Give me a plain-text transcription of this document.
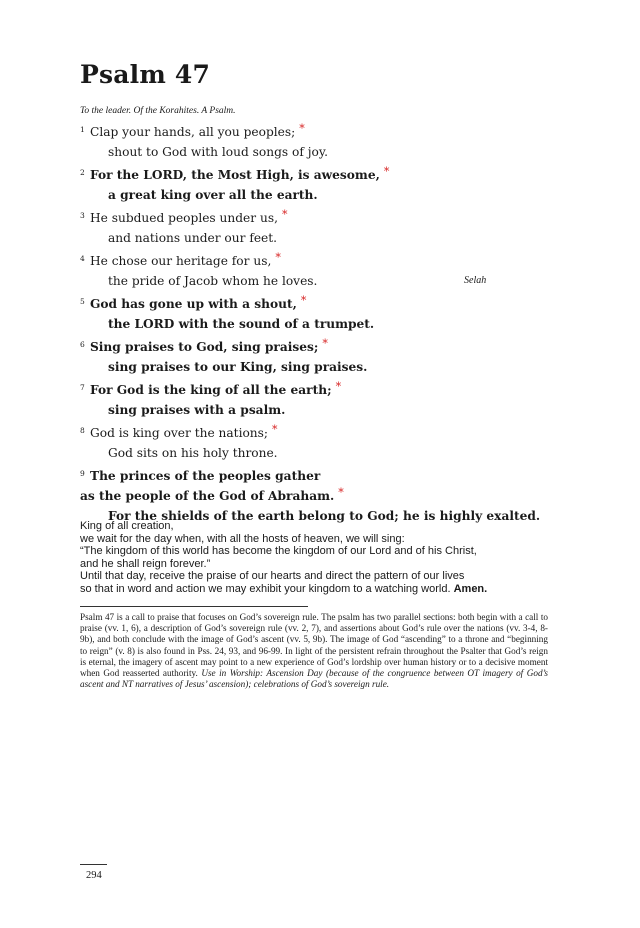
Psalm 47
To the leader. Of the Korahites. A Psalm.
1 Clap your hands, all you peoples; *
shout to God with loud songs of joy.
2 For the LORD, the Most High, is awesome, *
a great king over all the earth.
3 He subdued peoples under us, *
and nations under our feet.
4 He chose our heritage for us, *
the pride of Jacob whom he loves.	Selah
5 God has gone up with a shout, *
the LORD with the sound of a trumpet.
6 Sing praises to God, sing praises; *
sing praises to our King, sing praises.
7 For God is the king of all the earth; *
sing praises with a psalm.
8 God is king over the nations; *
God sits on his holy throne.
9 The princes of the peoples gather
as the people of the God of Abraham. *
For the shields of the earth belong to God; he is highly exalted.
King of all creation,
we wait for the day when, with all the hosts of heaven, we will sing:
“The kingdom of this world has become the kingdom of our Lord and of his Christ,
and he shall reign forever.”
Until that day, receive the praise of our hearts and direct the pattern of our lives
so that in word and action we may exhibit your kingdom to a watching world. Amen.
Psalm 47 is a call to praise that focuses on God’s sovereign rule. The psalm has two parallel sections: both begin with a call to praise (vv. 1, 6), a description of God’s sovereign rule (vv. 2, 7), and assertions about God’s rule over the nations (vv. 3-4, 8-9b), and both conclude with the image of God’s ascent (vv. 5, 9b). The image of God “ascending” to a throne and “beginning to reign” (v. 8) is also found in Pss. 24, 93, and 96-99. In light of the persistent refrain throughout the Psalter that God’s reign is eternal, the imagery of ascent may point to a new experience of God’s lordship over human history or to a decisive moment when God reasserted authority. Use in Worship: Ascension Day (because of the congruence between OT imagery of God’s ascent and NT narratives of Jesus’ ascension); celebrations of God’s sovereign rule.
294
